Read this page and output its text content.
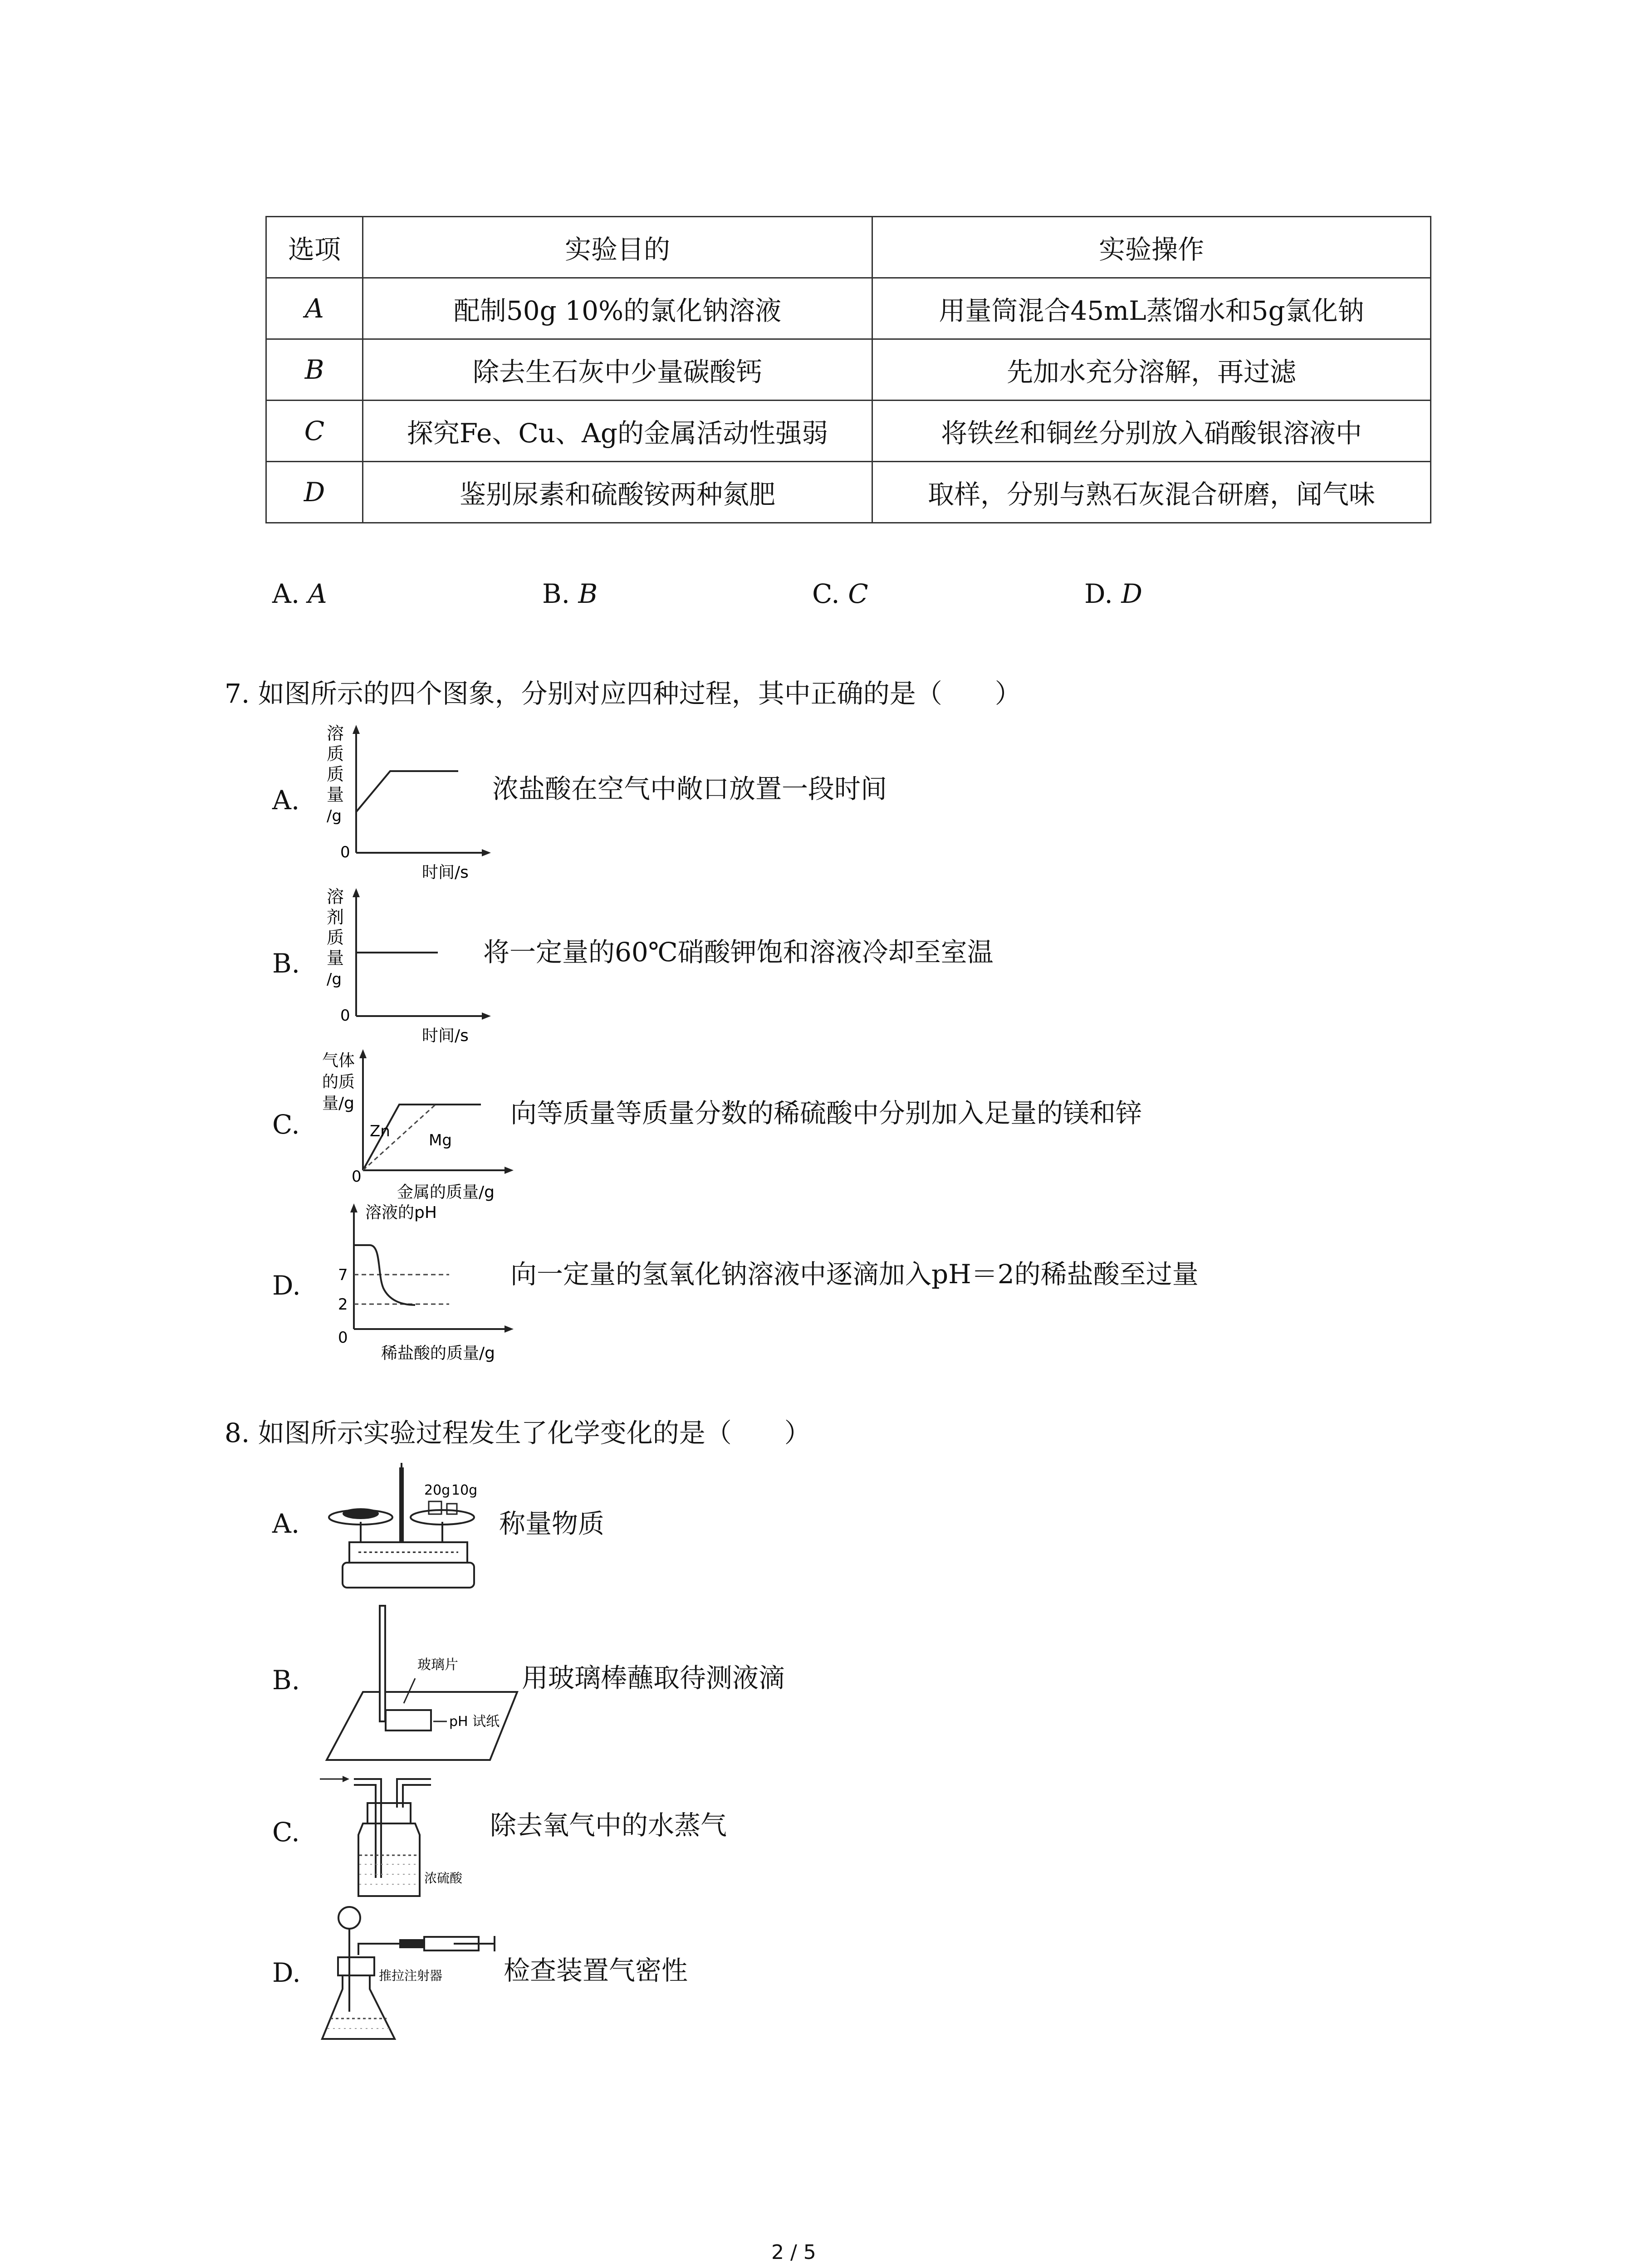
选项	实验目的	实验操作
A	配制50g 10%的氯化钠溶液	用量筒混合45mL蒸馏水和5g氯化钠
B	除去生石灰中少量碳酸钙	先加水充分溶解，再过滤
C	探究Fe、Cu、Ag的金属活动性强弱	将铁丝和铜丝分别放入硝酸银溶液中
D	鉴别尿素和硫酸铵两种氮肥	取样，分别与熟石灰混合研磨，闻气味
A. A	B. B	C. C	D. D
7. 如图所示的四个图象，分别对应四种过程，其中正确的是（　　）
A.
溶
质
质
量
/g
0
时间/s
浓盐酸在空气中敞口放置一段时间
B.
溶
剂
质
量
/g
0
时间/s
将一定量的60℃硝酸钾饱和溶液冷却至室温
C.
气体
的质
量/g
Zn	Mg
0
金属的质量/g
向等质量等质量分数的稀硫酸中分别加入足量的镁和锌
D.
溶液的pH
7
2
0
稀盐酸的质量/g
向一定量的氢氧化钠溶液中逐滴加入pH＝2的稀盐酸至过量
8. 如图所示实验过程发生了化学变化的是（　　）
A.
20g 10g
称量物质
B.	玻璃片
pH 试纸
用玻璃棒蘸取待测液滴
C.
浓硫酸
除去氧气中的水蒸气
D.	推拉注射器 检查装置气密性
2 / 5
